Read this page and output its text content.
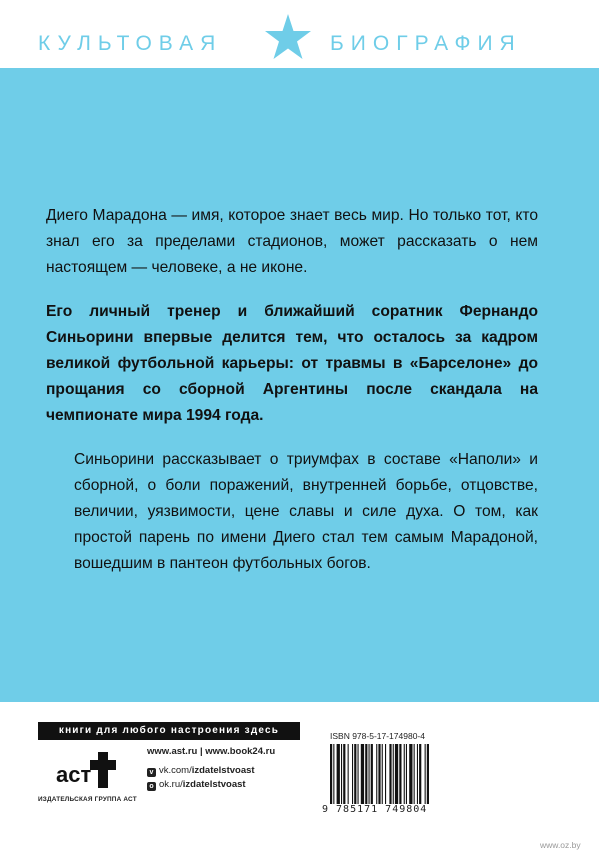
КУЛЬТОВАЯ	БИОГРАФИЯ

Диего Марадона — имя, которое знает весь мир. Но только тот, кто знал его за пределами стадионов, может рассказать о нем настоящем — человеке, а не иконе.

Его личный тренер и ближайший соратник Фернандо Синьорини впервые делится тем, что осталось за кадром великой футбольной карьеры: от травмы в «Барселоне» до прощания со сборной Аргентины после скандала на чемпионате мира 1994 года.

Синьорини рассказывает о триумфах в составе «Наполи» и сборной, о боли поражений, внутренней борьбе, отцовстве, величии, уязвимости, цене славы и силе духа. О том, как простой парень по имени Диего стал тем самым Марадоной, вошедшим в пантеон футбольных богов.

книги для любого настроения здесь
аст
ИЗДАТЕЛЬСКАЯ ГРУППА АСТ
www.ast.ru | www.book24.ru
v vk.com/izdatelstvoast
o ok.ru/izdatelstvoast
ISBN 978-5-17-174980-4
9 785171 749804
www.oz.by
